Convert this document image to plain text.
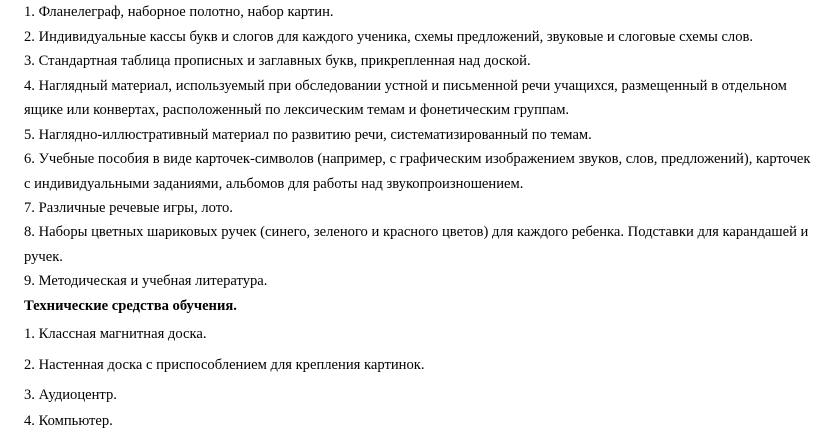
1. Фланелеграф, наборное полотно, набор картин.
2. Индивидуальные кассы букв и слогов для каждого ученика, схемы предложений, звуковые и слоговые схемы слов.
3. Стандартная таблица прописных и заглавных букв, прикрепленная над доской.
4. Наглядный материал, используемый при обследовании устной и письменной речи учащихся, размещенный в отдельном
ящике или конвертах, расположенный по лексическим темам и фонетическим группам.
5. Наглядно-иллюстративный материал по развитию речи, систематизированный по темам.
6. Учебные пособия в виде карточек-символов (например, с графическим изображением звуков, слов, предложений), карточек
с индивидуальными заданиями, альбомов для работы над звукопроизношением.
7. Различные речевые игры, лото.
8. Наборы цветных шариковых ручек (синего, зеленого и красного цветов) для каждого ребенка. Подставки для карандашей и
ручек.
9. Методическая и учебная литература.
Технические средства обучения.
1. Классная магнитная доска.
2. Настенная доска с приспособлением для крепления картинок.
3. Аудиоцентр.
4. Компьютер.
